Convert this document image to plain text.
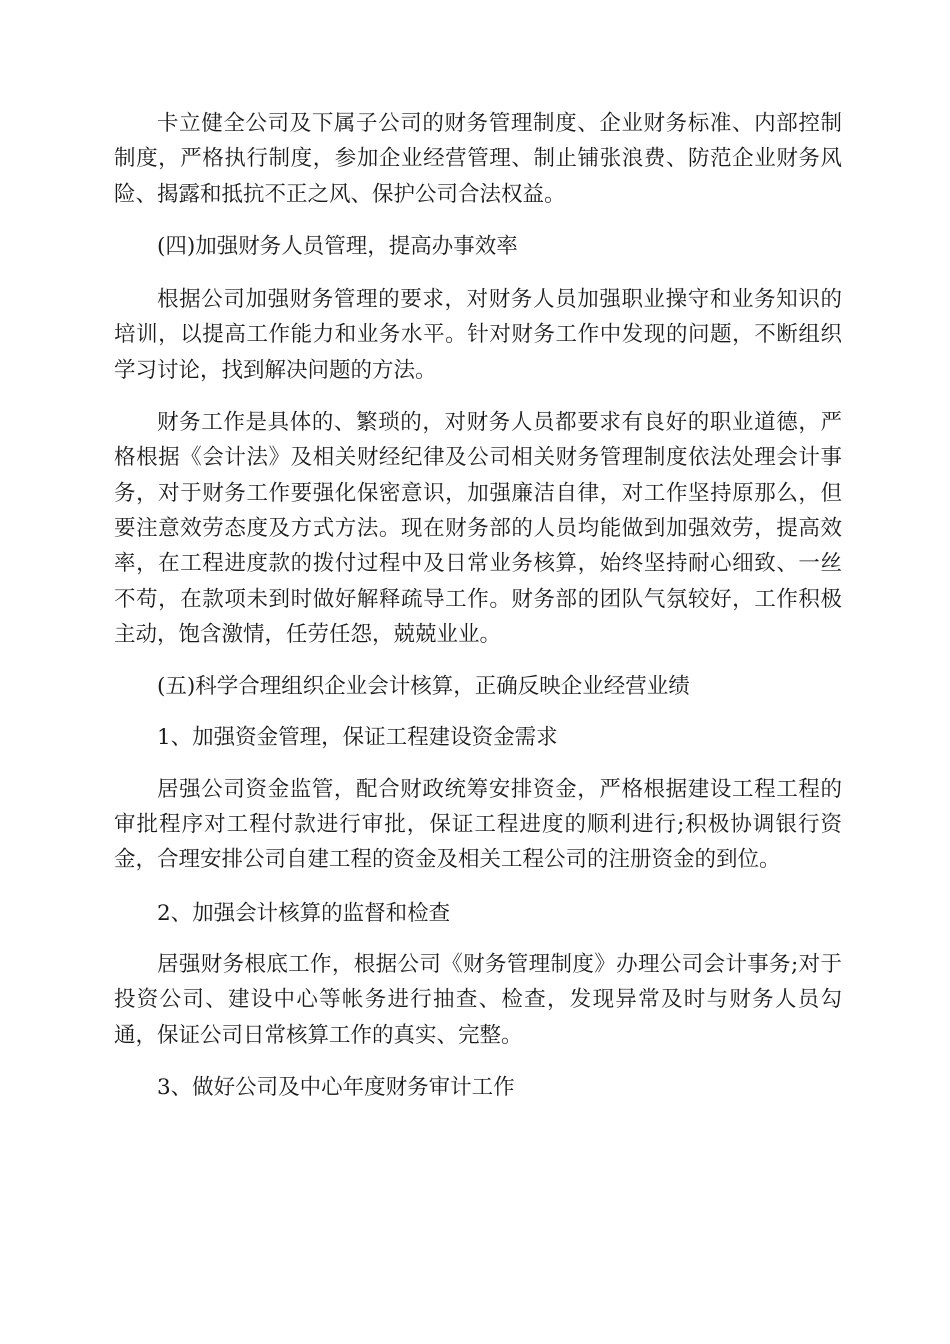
卡立健全公司及下属子公司的财务管理制度、企业财务标准、内部控制制度，严格执行制度，参加企业经营管理、制止铺张浪费、防范企业财务风险、揭露和抵抗不正之风、保护公司合法权益。

(四)加强财务人员管理，提高办事效率

根据公司加强财务管理的要求，对财务人员加强职业操守和业务知识的培训，以提高工作能力和业务水平。针对财务工作中发现的问题，不断组织学习讨论，找到解决问题的方法。

财务工作是具体的、繁琐的，对财务人员都要求有良好的职业道德，严格根据《会计法》及相关财经纪律及公司相关财务管理制度依法处理会计事务，对于财务工作要强化保密意识，加强廉洁自律，对工作坚持原那么，但要注意效劳态度及方式方法。现在财务部的人员均能做到加强效劳，提高效率，在工程进度款的拨付过程中及日常业务核算，始终坚持耐心细致、一丝不苟，在款项未到时做好解释疏导工作。财务部的团队气氛较好，工作积极主动，饱含激情，任劳任怨，兢兢业业。

(五)科学合理组织企业会计核算，正确反映企业经营业绩

1、加强资金管理，保证工程建设资金需求

居强公司资金监管，配合财政统筹安排资金，严格根据建设工程工程的审批程序对工程付款进行审批，保证工程进度的顺利进行;积极协调银行资金，合理安排公司自建工程的资金及相关工程公司的注册资金的到位。

2、加强会计核算的监督和检查

居强财务根底工作，根据公司《财务管理制度》办理公司会计事务;对于投资公司、建设中心等帐务进行抽查、检查，发现异常及时与财务人员勾通，保证公司日常核算工作的真实、完整。

3、做好公司及中心年度财务审计工作
